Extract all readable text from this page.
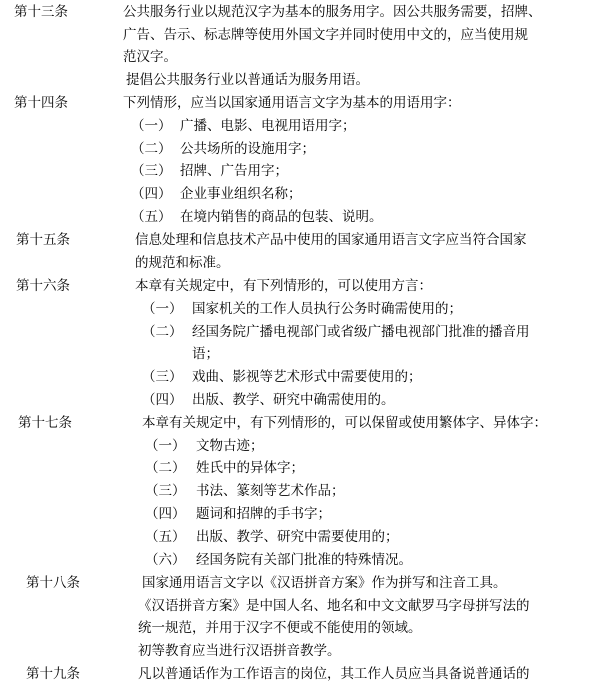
第十三条	公共服务行业以规范汉字为基本的服务用字。因公共服务需要，招牌、
广告、告示、标志牌等使用外国文字并同时使用中文的，应当使用规
范汉字。
提倡公共服务行业以普通话为服务用语。
第十四条	下列情形，应当以国家通用语言文字为基本的用语用字：
（一） 广播、电影、电视用语用字；
（二） 公共场所的设施用字；
（三） 招牌、广告用字；
（四） 企业事业组织名称；
（五） 在境内销售的商品的包装、说明。
第十五条	信息处理和信息技术产品中使用的国家通用语言文字应当符合国家
的规范和标准。
第十六条	本章有关规定中，有下列情形的，可以使用方言：
（一） 国家机关的工作人员执行公务时确需使用的；
（二） 经国务院广播电视部门或省级广播电视部门批准的播音用
语；
（三） 戏曲、影视等艺术形式中需要使用的；
（四） 出版、教学、研究中确需使用的。
第十七条	本章有关规定中，有下列情形的，可以保留或使用繁体字、异体字：
（一） 文物古迹；
（二） 姓氏中的异体字；
（三） 书法、篆刻等艺术作品；
（四） 题词和招牌的手书字；
（五） 出版、教学、研究中需要使用的；
（六） 经国务院有关部门批准的特殊情况。
第十八条	国家通用语言文字以《汉语拼音方案》作为拼写和注音工具。
《汉语拼音方案》是中国人名、地名和中文文献罗马字母拼写法的
统一规范，并用于汉字不便或不能使用的领域。
初等教育应当进行汉语拼音教学。
第十九条	凡以普通话作为工作语言的岗位，其工作人员应当具备说普通话的
